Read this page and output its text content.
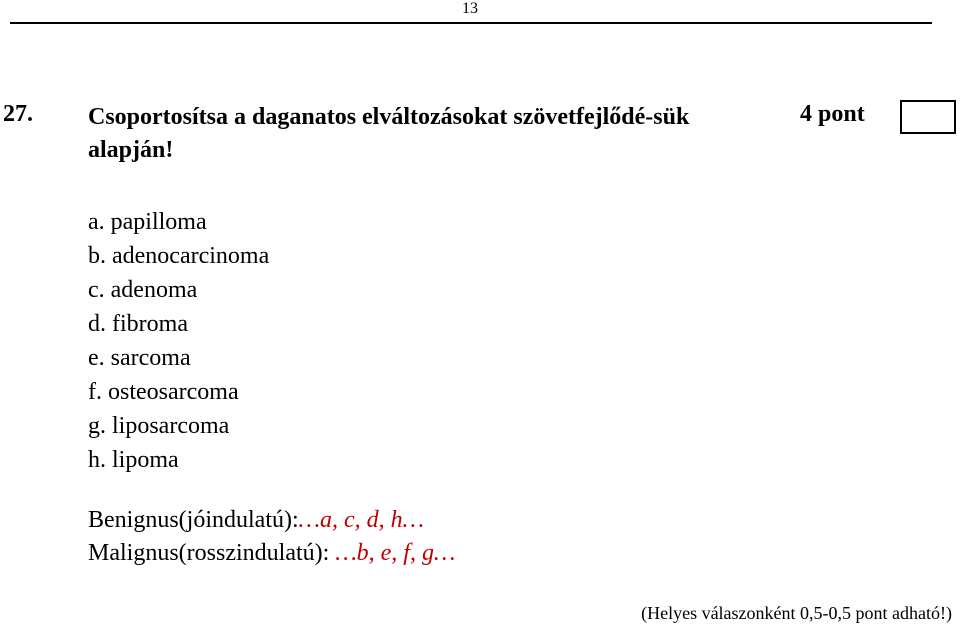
13
27. Csoportosítsa a daganatos elváltozásokat szövetfejlődé-sük alapján!
4 pont
a. papilloma
b. adenocarcinoma
c. adenoma
d. fibroma
e. sarcoma
f. osteosarcoma
g. liposarcoma
h. lipoma
Benignus(jóindulatú):…a, c, d, h…
Malignus(rosszindulatú): …b, e, f, g…
(Helyes válaszonként 0,5-0,5 pont adható!)
